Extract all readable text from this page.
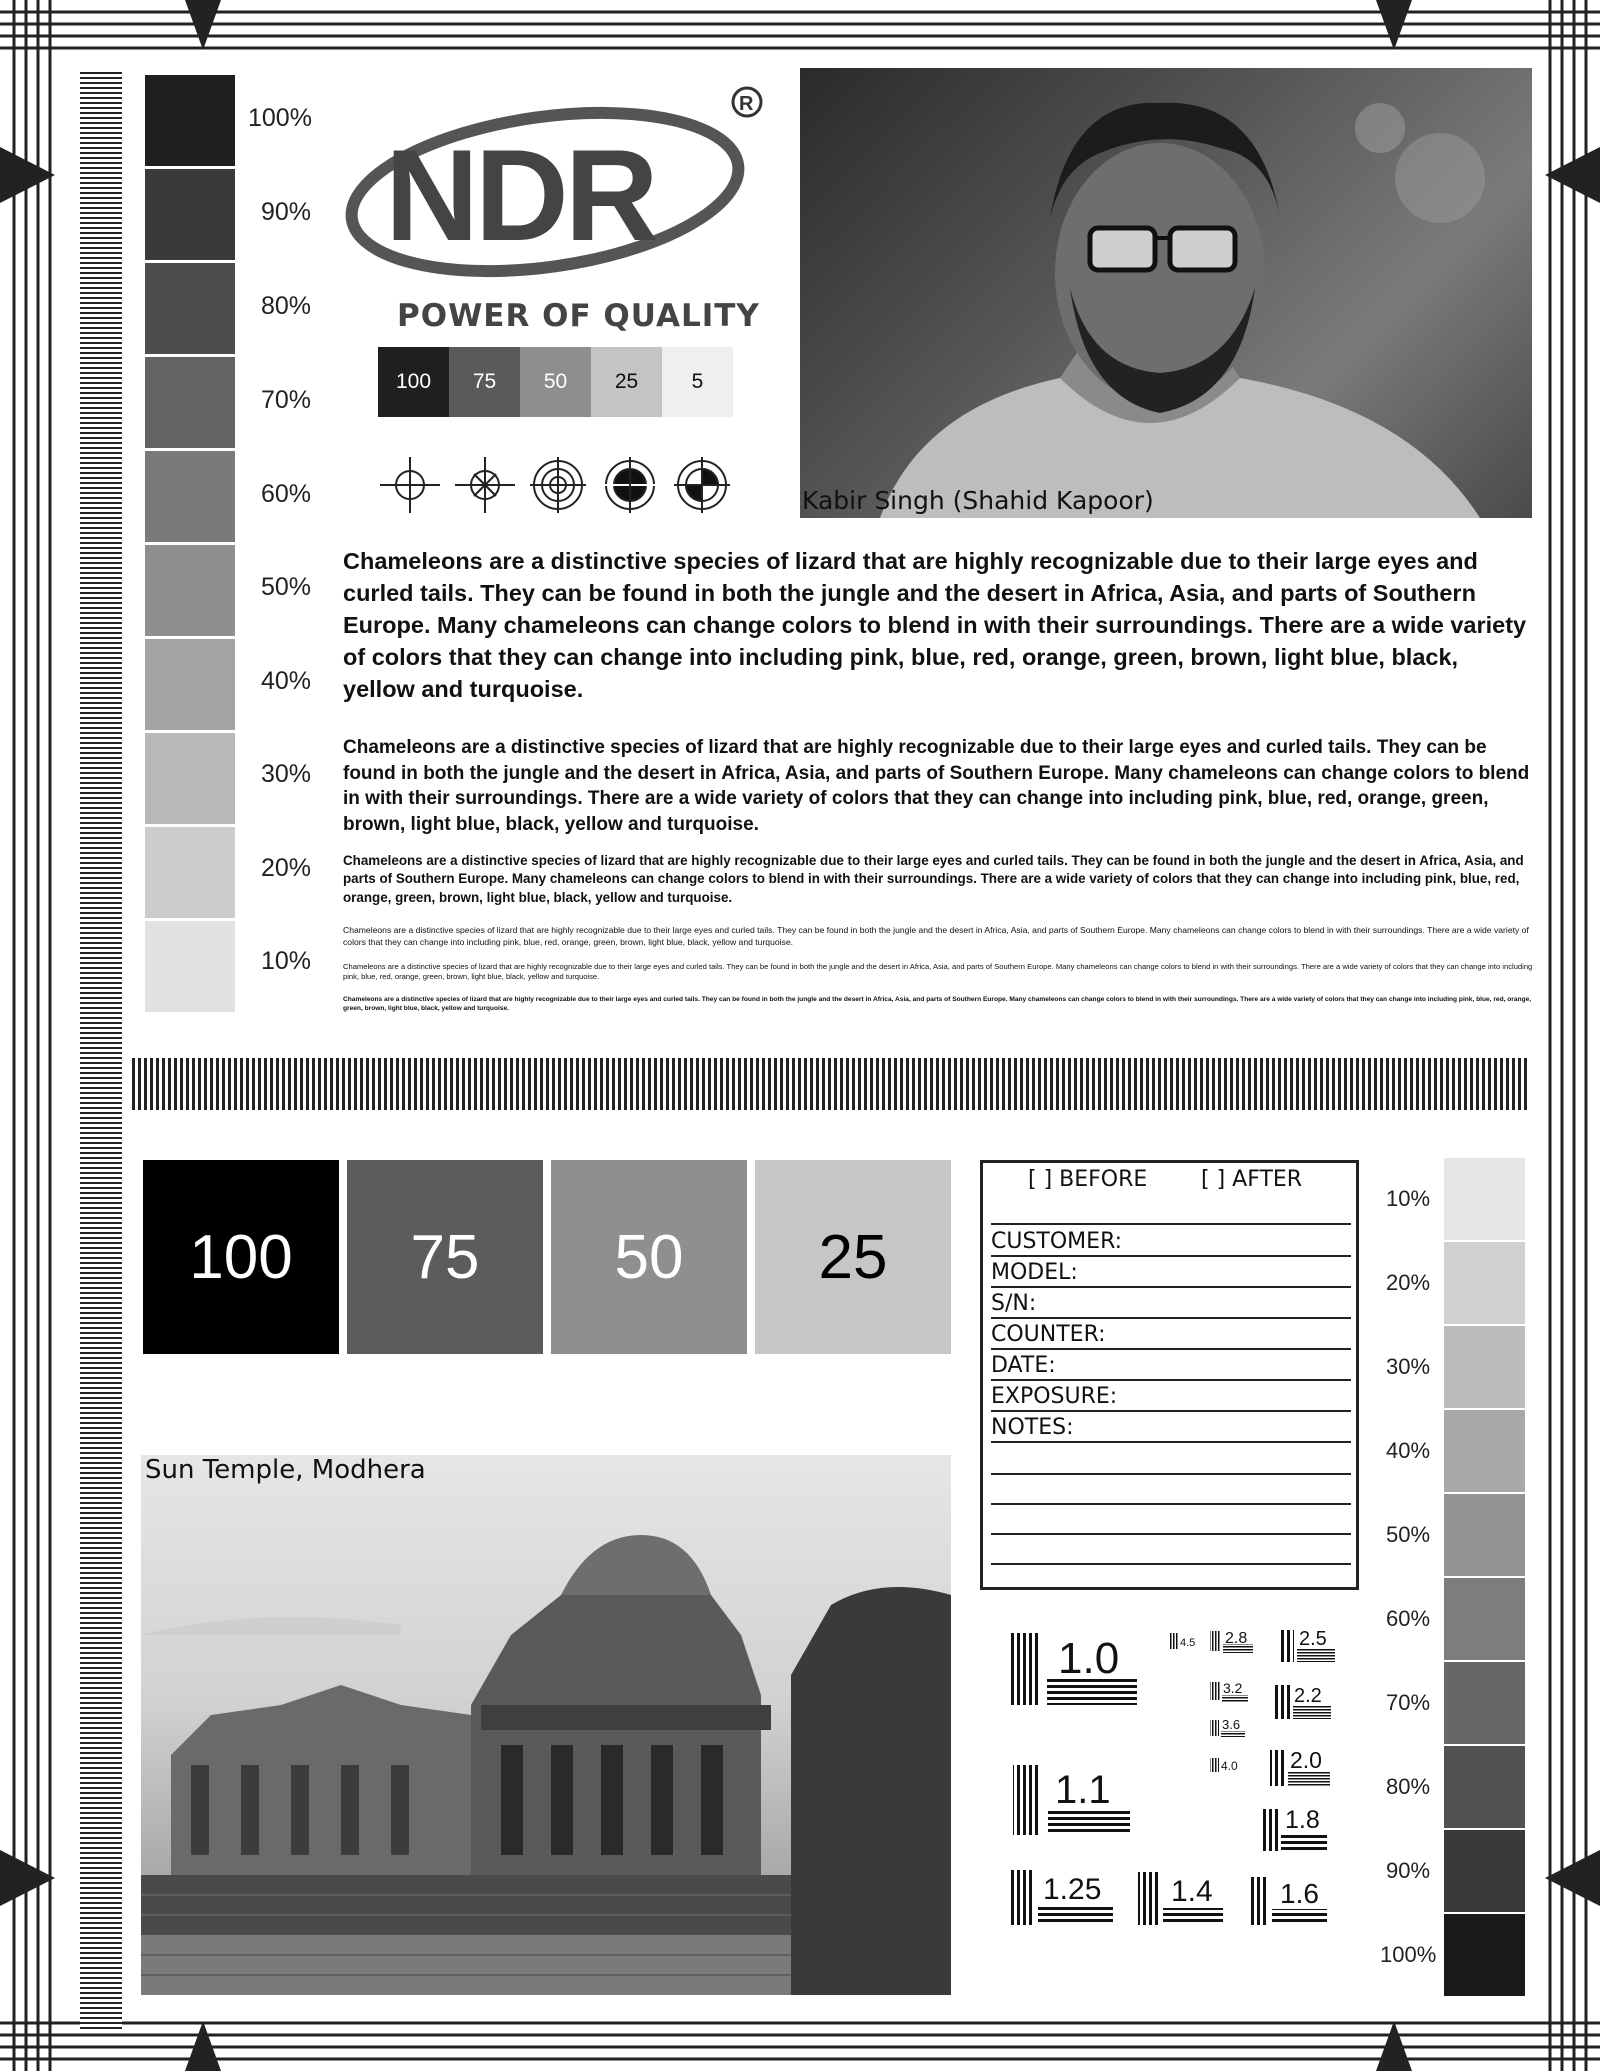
100%
90%
80%
70%
60%
50%
40%
30%
20%
10%
NDR
R
POWER OF QUALITY
100	75	50	25	5
Kabir Singh (Shahid Kapoor)
Chameleons are a distinctive species of lizard that are highly recognizable due to their large eyes and curled tails. They can be found in both the jungle and the desert in Africa, Asia, and parts of Southern Europe. Many chameleons can change colors to blend in with their surroundings. There are a wide variety of colors that they can change into including pink, blue, red, orange, green, brown, light blue, black, yellow and turquoise.
Chameleons are a distinctive species of lizard that are highly recognizable due to their large eyes and curled tails. They can be found in both the jungle and the desert in Africa, Asia, and parts of Southern Europe. Many chameleons can change colors to blend in with their surroundings. There are a wide variety of colors that they can change into including pink, blue, red, orange, green, brown, light blue, black, yellow and turquoise.
Chameleons are a distinctive species of lizard that are highly recognizable due to their large eyes and curled tails. They can be found in both the jungle and the desert in Africa, Asia, and parts of Southern Europe. Many chameleons can change colors to blend in with their surroundings. There are a wide variety of colors that they can change into including pink, blue, red, orange, green, brown, light blue, black, yellow and turquoise.
Chameleons are a distinctive species of lizard that are highly recognizable due to their large eyes and curled tails. They can be found in both the jungle and the desert in Africa, Asia, and parts of Southern Europe. Many chameleons can change colors to blend in with their surroundings. There are a wide variety of colors that they can change into including pink, blue, red, orange, green, brown, light blue, black, yellow and turquoise.
Chameleons are a distinctive species of lizard that are highly recognizable due to their large eyes and curled tails. They can be found in both the jungle and the desert in Africa, Asia, and parts of Southern Europe. Many chameleons can change colors to blend in with their surroundings. There are a wide variety of colors that they can change into including pink, blue, red, orange, green, brown, light blue, black, yellow and turquoise.
Chameleons are a distinctive species of lizard that are highly recognizable due to their large eyes and curled tails. They can be found in both the jungle and the desert in Africa, Asia, and parts of Southern Europe. Many chameleons can change colors to blend in with their surroundings. There are a wide variety of colors that they can change into including pink, blue, red, orange, green, brown, light blue, black, yellow and turquoise.
100	75	50	25
Sun Temple, Modhera
[ ] BEFORE [ ] AFTER
CUSTOMER:
MODEL:
S/N:
COUNTER:
DATE:
EXPOSURE:
NOTES:
1.0	4.5 2.8	2.5
3.2	2.2
3.6
4.0 2.0
1.1
1.8
1.25 1.4 1.6
10%
20%
30%
40%
50%
60%
70%
80%
90%
100%
